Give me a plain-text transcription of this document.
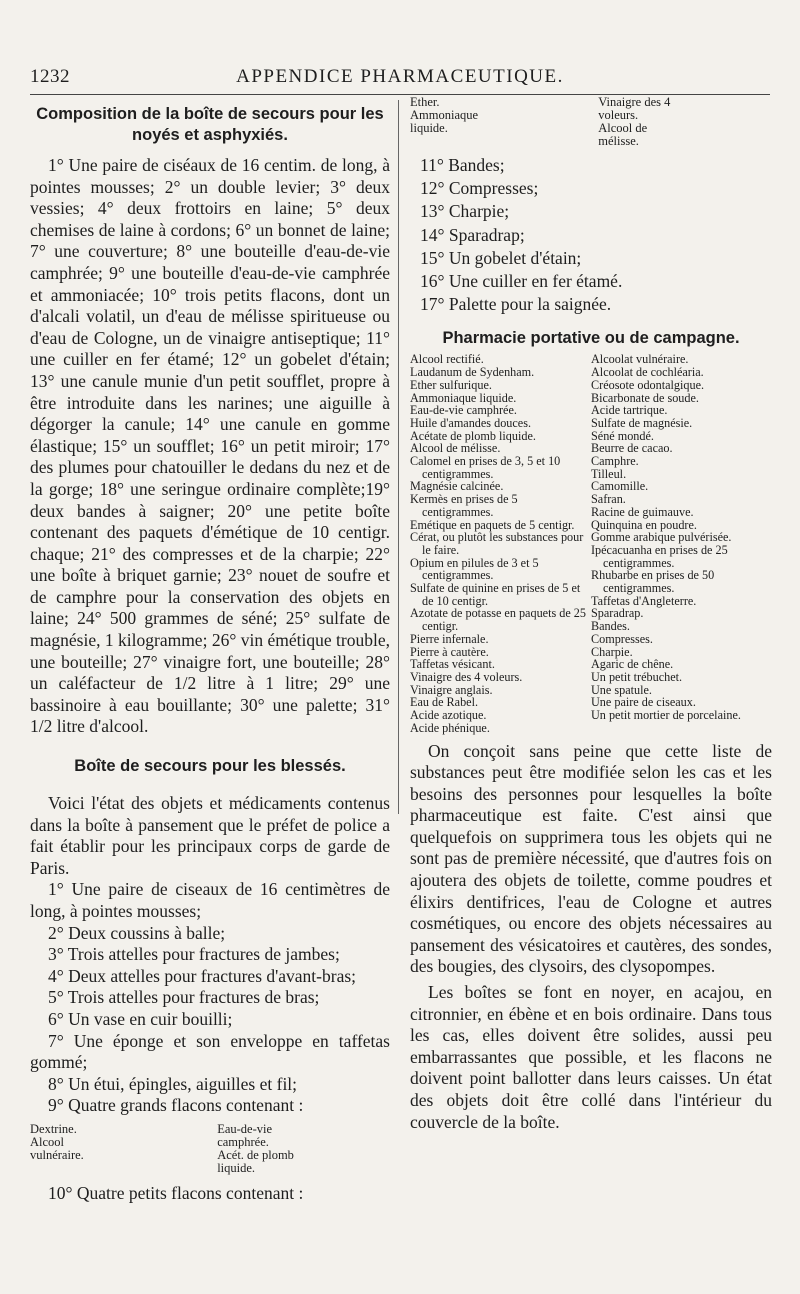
1232	APPENDICE PHARMACEUTIQUE.
Composition de la boîte de secours pour les noyés et asphyxiés.

1° Une paire de ciséaux de 16 centim. de long, à pointes mousses; 2° un double levier; 3° deux vessies; 4° deux frottoirs en laine; 5° deux chemises de laine à cordons; 6° un bonnet de laine; 7° une couverture; 8° une bouteille d'eau-de-vie camphrée; 9° une bouteille d'eau-de-vie camphrée et ammoniacée; 10° trois petits flacons, dont un d'alcali volatil, un d'eau de mélisse spiritueuse ou d'eau de Cologne, un de vinaigre antiseptique; 11° une cuiller en fer étamé; 12° un gobelet d'étain; 13° une canule munie d'un petit soufflet, propre à être introduite dans les narines; une aiguille à dégorger la canule; 14° une canule en gomme élastique; 15° un soufflet; 16° un petit miroir; 17° des plumes pour chatouiller le dedans du nez et de la gorge; 18° une seringue ordinaire complète;19° deux bandes à saigner; 20° une petite boîte contenant des paquets d'émétique de 10 centigr. chaque; 21° des compresses et de la charpie; 22° une boîte à briquet garnie; 23° nouet de soufre et de camphre pour la conservation des objets en laine; 24° 500 grammes de séné; 25° sulfate de magnésie, 1 kilogramme; 26° vin émétique trouble, une bouteille; 27° vinaigre fort, une bouteille; 28° un caléfacteur de 1/2 litre à 1 litre; 29° une bassinoire à eau bouillante; 30° une palette; 31° 1/2 litre d'alcool.

Boîte de secours pour les blessés.

Voici l'état des objets et médicaments contenus dans la boîte à pansement que le préfet de police a fait établir pour les principaux corps de garde de Paris.

1° Une paire de ciseaux de 16 centimètres de long, à pointes mousses;

2° Deux coussins à balle;

3° Trois attelles pour fractures de jambes;

4° Deux attelles pour fractures d'avant-bras;

5° Trois attelles pour fractures de bras;

6° Un vase en cuir bouilli;

7° Une éponge et son enveloppe en taffetas gommé;

8° Un étui, épingles, aiguilles et fil;

9° Quatre grands flacons contenant :

Dextrine.
Alcool vulnéraire.
Eau-de-vie camphrée.
Acét. de plomb liquide.

10° Quatre petits flacons contenant :

Ether.
Ammoniaque liquide.
Vinaigre des 4 voleurs.
Alcool de mélisse.

11° Bandes;

12° Compresses;

13° Charpie;

14° Sparadrap;

15° Un gobelet d'étain;

16° Une cuiller en fer étamé.

17° Palette pour la saignée.

Pharmacie portative ou de campagne.
Alcool rectifié.
Laudanum de Sydenham.
Ether sulfurique.
Ammoniaque liquide.
Eau-de-vie camphrée.
Huile d'amandes douces.
Acétate de plomb liquide.
Alcool de mélisse.
Calomel en prises de 3, 5 et 10 centigrammes.
Magnésie calcinée.
Kermès en prises de 5 centigrammes.
Emétique en paquets de 5 centigr.
Cérat, ou plutôt les substances pour le faire.
Opium en pilules de 3 et 5 centigrammes.
Sulfate de quinine en prises de 5 et de 10 centigr.
Azotate de potasse en paquets de 25 centigr.
Pierre infernale.
Pierre à cautère.
Taffetas vésicant.
Vinaigre des 4 voleurs.
Vinaigre anglais.
Eau de Rabel.
Acide azotique.
Acide phénique.
Alcoolat vulnéraire.
Alcoolat de cochléaria.
Créosote odontalgique.
Bicarbonate de soude.
Acide tartrique.
Sulfate de magnésie.
Séné mondé.
Beurre de cacao.
Camphre.
Tilleul.
Camomille.
Safran.
Racine de guimauve.
Quinquina en poudre.
Gomme arabique pulvérisée.
Ipécacuanha en prises de 25 centigrammes.
Rhubarbe en prises de 50 centigrammes.
Taffetas d'Angleterre.
Sparadrap.
Bandes.
Compresses.
Charpie.
Agaric de chêne.
Un petit trébuchet.
Une spatule.
Une paire de ciseaux.
Un petit mortier de porcelaine.

On conçoit sans peine que cette liste de substances peut être modifiée selon les cas et les besoins des personnes pour lesquelles la boîte pharmaceutique est faite. C'est ainsi que quelquefois on supprimera tous les objets qui ne sont pas de première nécessité, que d'autres fois on ajoutera des objets de toilette, comme poudres et élixirs dentifrices, l'eau de Cologne et autres cosmétiques, ou encore des objets nécessaires au pansement des vésicatoires et cautères, des sondes, des bougies, des clysoirs, des clysopompes.

Les boîtes se font en noyer, en acajou, en citronnier, en ébène et en bois ordinaire. Dans tous les cas, elles doivent être solides, aussi peu embarrassantes que possible, et les flacons ne doivent point ballotter dans leurs caisses. Un état des objets doit être collé dans l'intérieur du couvercle de la boîte.
